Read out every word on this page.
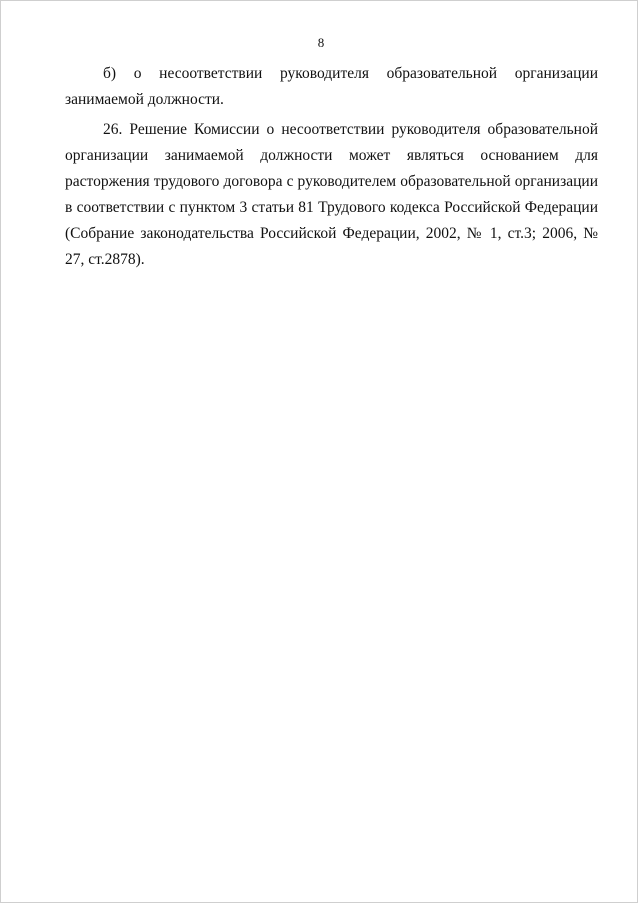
8

б) о несоответствии руководителя образовательной организации занимаемой должности.

26. Решение Комиссии о несоответствии руководителя образовательной организации занимаемой должности может являться основанием для расторжения трудового договора с руководителем образовательной организации в соответствии с пунктом 3 статьи 81 Трудового кодекса Российской Федерации (Собрание законодательства Российской Федерации, 2002, № 1, ст.3; 2006, № 27, ст.2878).
